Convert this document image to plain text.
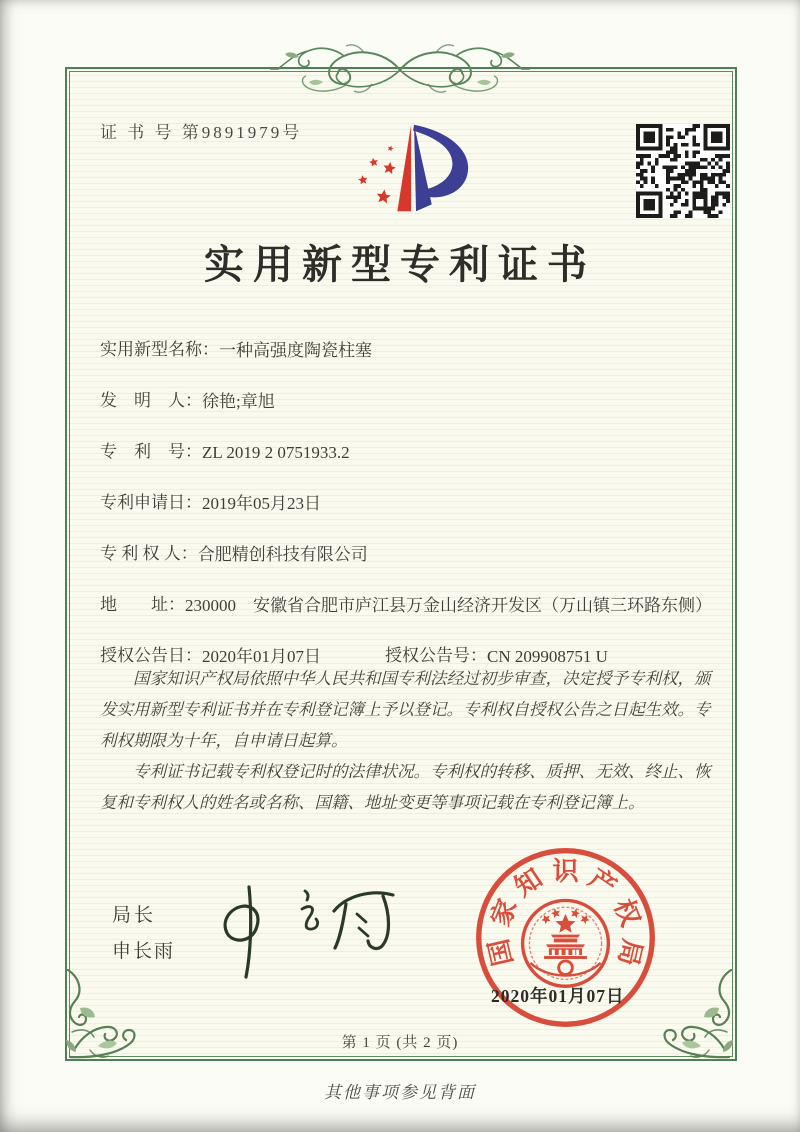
证 书 号 第9891979号
实用新型专利证书
实用新型名称： 一种高强度陶瓷柱塞
发　明　人： 徐艳;章旭
专　利　号： ZL 2019 2 0751933.2
专利申请日： 2019年05月23日
专 利 权 人： 合肥精创科技有限公司
地　　址： 230000　安徽省合肥市庐江县万金山经济开发区（万山镇三环路东侧）
授权公告日： 2020年01月07日	授权公告号： CN 209908751 U

国家知识产权局依照中华人民共和国专利法经过初步审查，决定授予专利权，颁发实用新型专利证书并在专利登记簿上予以登记。专利权自授权公告之日起生效。专利权期限为十年，自申请日起算。

专利证书记载专利权登记时的法律状况。专利权的转移、质押、无效、终止、恢复和专利权人的姓名或名称、国籍、地址变更等事项记载在专利登记簿上。

局长
申长雨	国
家
知 识 产
权
局
2020年01月07日
第 1 页 (共 2 页)
其他事项参见背面
